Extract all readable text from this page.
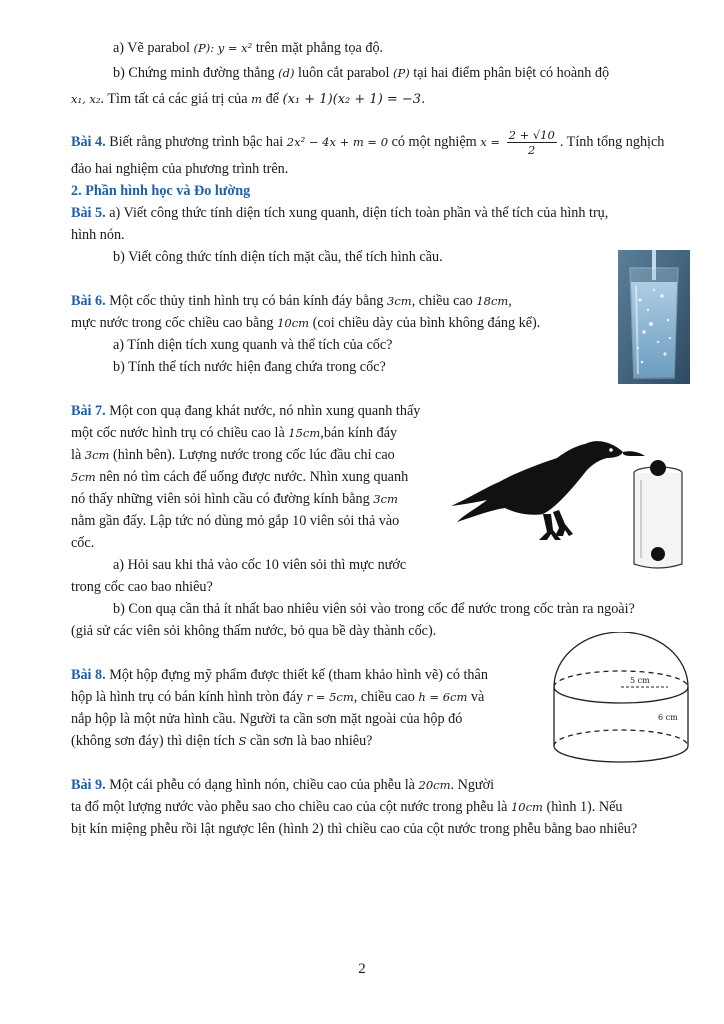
a) Vẽ parabol (P): y = x² trên mặt phẳng tọa độ.
b) Chứng minh đường thẳng (d) luôn cắt parabol (P) tại hai điểm phân biệt có hoành độ
x₁, x₂. Tìm tất cả các giá trị của m để (x₁ + 1)(x₂ + 1) = −3.
Bài 4. Biết rằng phương trình bậc hai 2x² − 4x + m = 0 có một nghiệm $x = \frac{2 + √10}{2}$ . Tính tổng nghịch
đảo hai nghiệm của phương trình trên.
2. Phần hình học và Đo lường
Bài 5. a) Viết công thức tính diện tích xung quanh, diện tích toàn phần và thể tích của hình trụ,
hình nón.
b) Viết công thức tính diện tích mặt cầu, thể tích hình cầu.
Bài 6. Một cốc thủy tinh hình trụ có bán kính đáy bằng 3cm, chiều cao 18cm,
mực nước trong cốc chiều cao bằng 10cm (coi chiều dày của bình không đáng kể).
a) Tính diện tích xung quanh và thể tích của cốc?
b) Tính thể tích nước hiện đang chứa trong cốc?
Bài 7. Một con quạ đang khát nước, nó nhìn xung quanh thấy
một cốc nước hình trụ có chiều cao là 15cm,bán kính đáy
là 3cm (hình bên). Lượng nước trong cốc lúc đầu chỉ cao
5cm nên nó tìm cách để uống được nước. Nhìn xung quanh
nó thấy những viên sỏi hình cầu có đường kính bằng 3cm
nằm gần đấy. Lập tức nó dùng mỏ gắp 10 viên sỏi thả vào
cốc.
a) Hỏi sau khi thả vào cốc 10 viên sỏi thì mực nước
trong cốc cao bao nhiêu?
b) Con quạ cần thả ít nhất bao nhiêu viên sỏi vào trong cốc để nước trong cốc tràn ra ngoài?
(giả sử các viên sỏi không thấm nước, bỏ qua bề dày thành cốc).
Bài 8. Một hộp đựng mỹ phẩm được thiết kế (tham khảo hình vẽ) có thân
hộp là hình trụ có bán kính hình tròn đáy r = 5cm, chiều cao h = 6cm và
nắp hộp là một nửa hình cầu. Người ta cần sơn mặt ngoài của hộp đó
(không sơn đáy) thì diện tích S cần sơn là bao nhiêu?
5 cm
6 cm
Bài 9. Một cái phễu có dạng hình nón, chiều cao của phễu là 20cm. Người
ta đổ một lượng nước vào phễu sao cho chiều cao của cột nước trong phễu là 10cm (hình 1). Nếu
bịt kín miệng phễu rồi lật ngược lên (hình 2) thì chiều cao của cột nước trong phễu bằng bao nhiêu?
2
